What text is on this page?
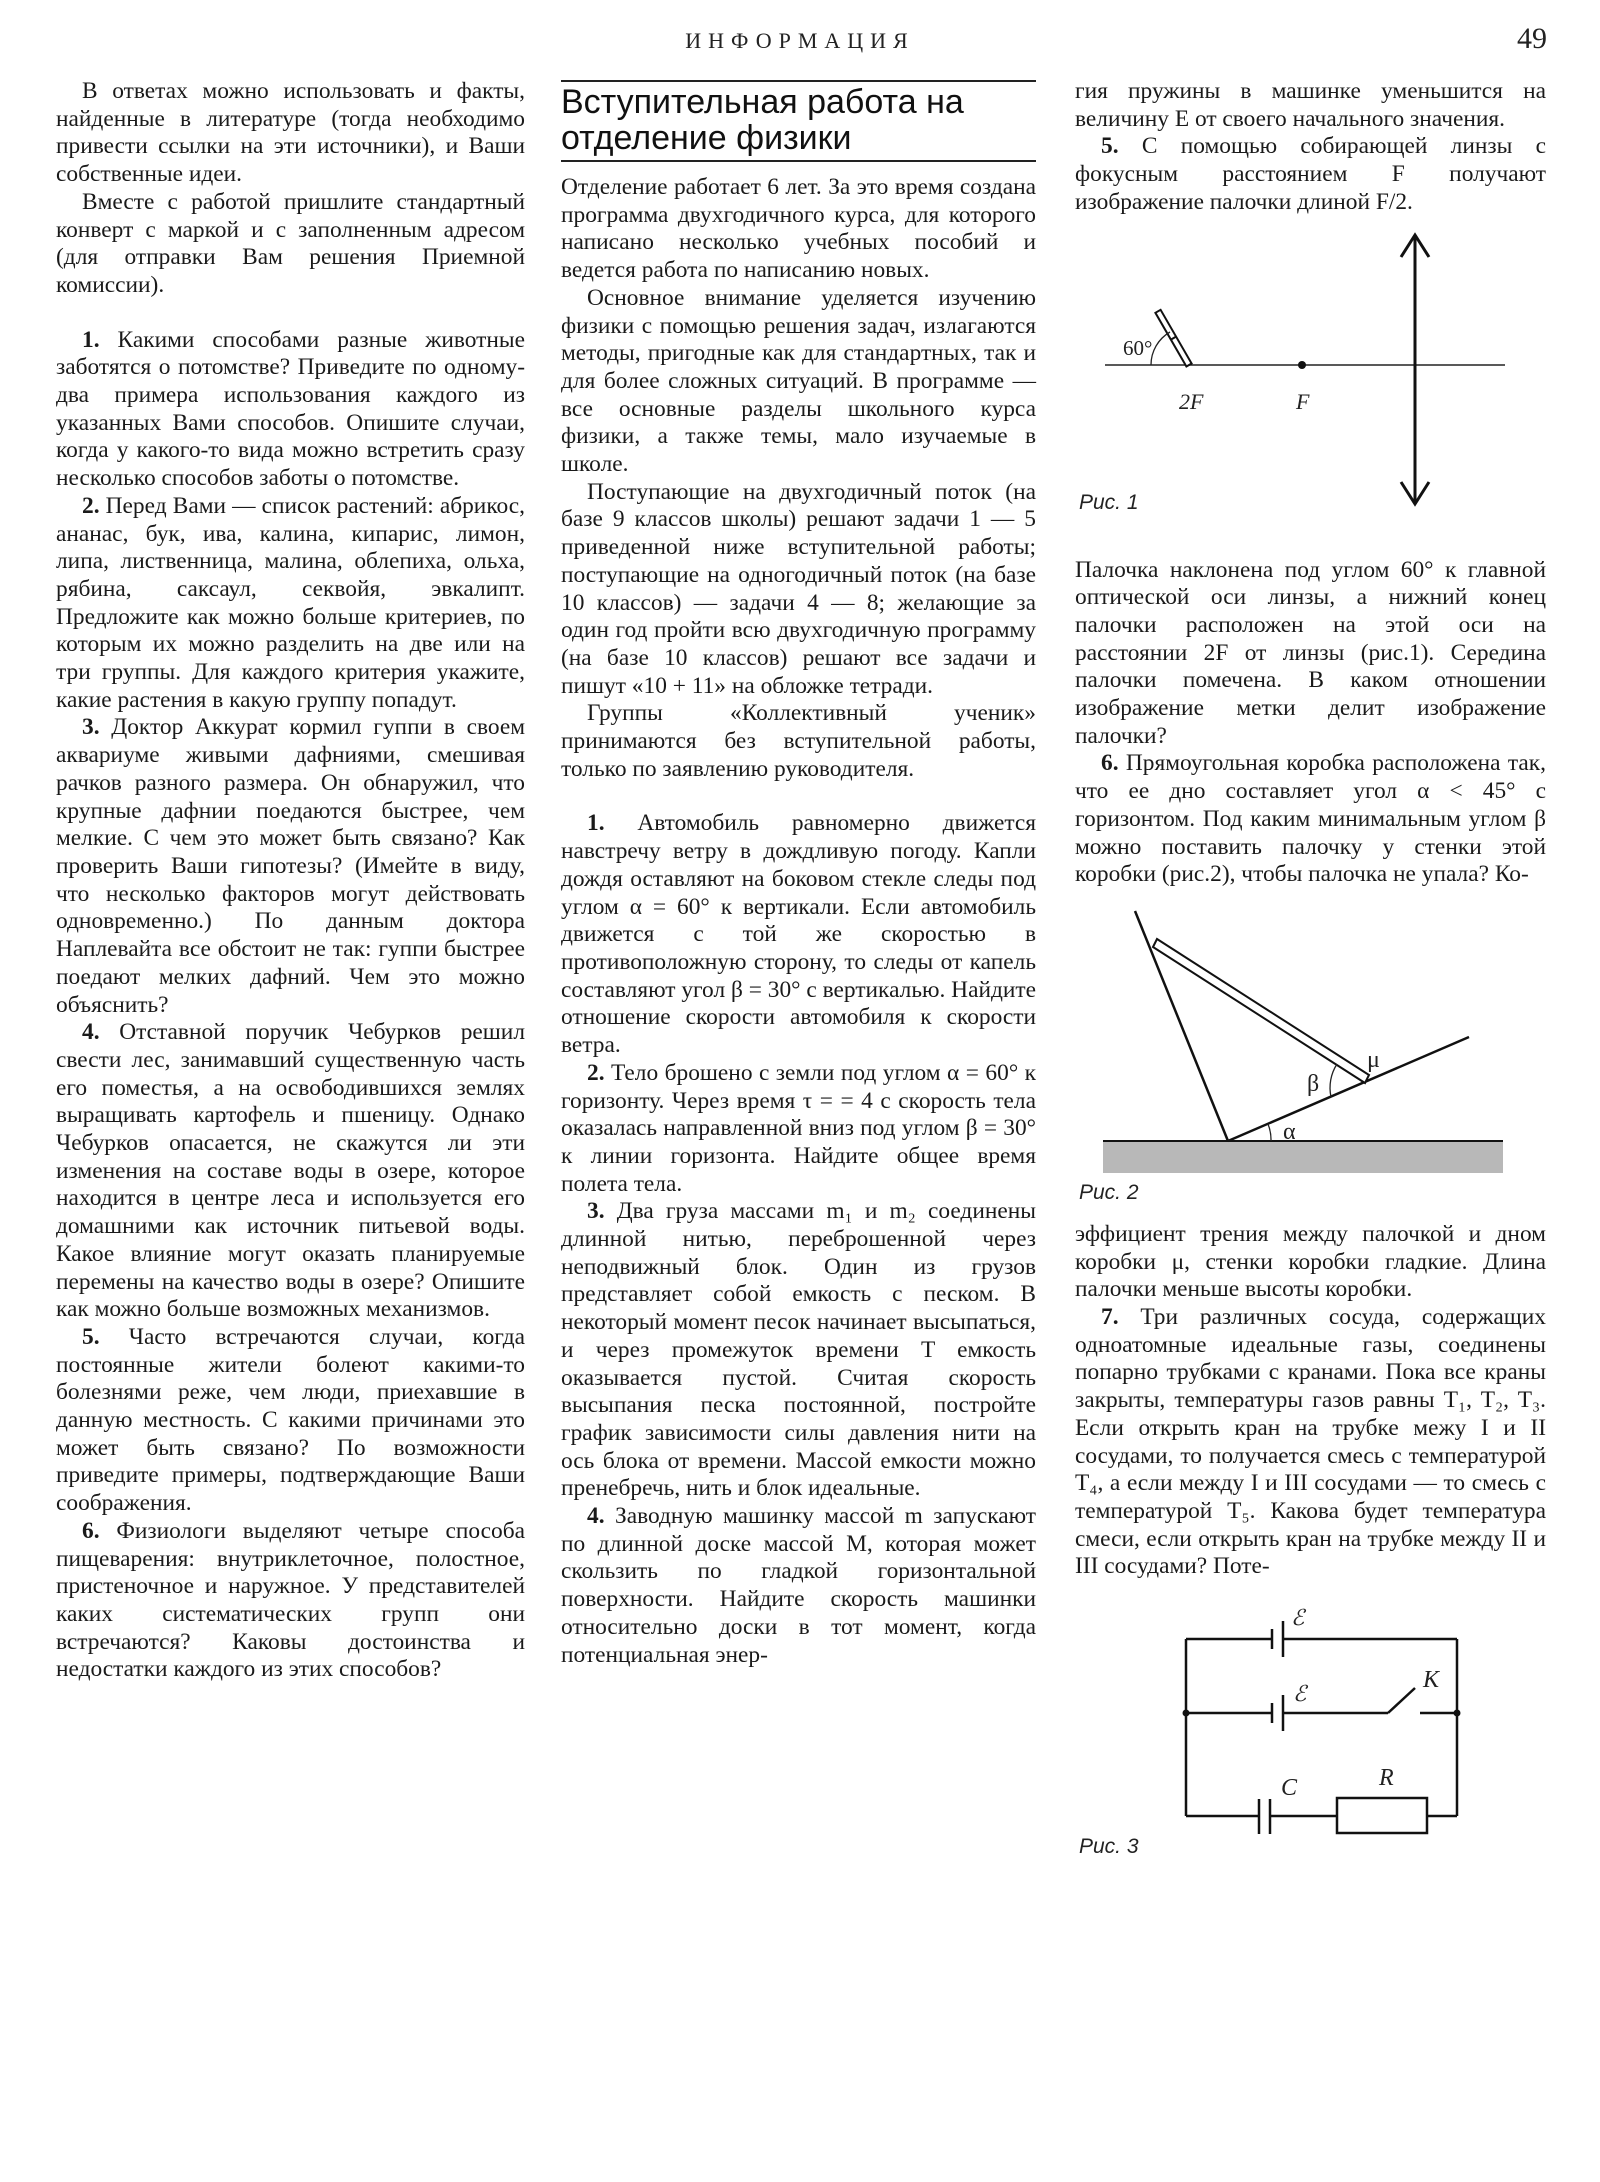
ИНФОРМАЦИЯ	49

В ответах можно использовать и факты, найденные в литературе (тогда необходимо привести ссылки на эти источники), и Ваши собственные идеи.

Вместе с работой пришлите стандартный конверт с маркой и с заполненным адресом (для отправки Вам решения Приемной комиссии).

1. Какими способами разные животные заботятся о потомстве? Приведите по одному-два примера использования каждого из указанных Вами способов. Опишите случаи, когда у какого-то вида можно встретить сразу несколько способов заботы о потомстве.

2. Перед Вами — список растений: абрикос, ананас, бук, ива, калина, кипарис, лимон, липа, лиственница, малина, облепиха, ольха, рябина, саксаул, секвойя, эвкалипт. Предложите как можно больше критериев, по которым их можно разделить на две или на три группы. Для каждого критерия укажите, какие растения в какую группу попадут.

3. Доктор Аккурат кормил гуппи в своем аквариуме живыми дафниями, смешивая рачков разного размера. Он обнаружил, что крупные дафнии поедаются быстрее, чем мелкие. С чем это может быть связано? Как проверить Ваши гипотезы? (Имейте в виду, что несколько факторов могут действовать одновременно.) По данным доктора Наплевайта все обстоит не так: гуппи быстрее поедают мелких дафний. Чем это можно объяснить?

4. Отставной поручик Чебурков решил свести лес, занимавший существенную часть его поместья, а на освободившихся землях выращивать картофель и пшеницу. Однако Чебурков опасается, не скажутся ли эти изменения на составе воды в озере, которое находится в центре леса и используется его домашними как источник питьевой воды. Какое влияние могут оказать планируемые перемены на качество воды в озере? Опишите как можно больше возможных механизмов.

5. Часто встречаются случаи, когда постоянные жители болеют какими-то болезнями реже, чем люди, приехавшие в данную местность. С какими причинами это может быть связано? По возможности приведите примеры, подтверждающие Ваши соображения.

6. Физиологи выделяют четыре способа пищеварения: внутриклеточное, полостное, пристеночное и наружное. У представителей каких систематических групп они встречаются? Каковы достоинства и недостатки каждого из этих способов?

Вступительная работа на
отделение физики

Отделение работает 6 лет. За это время создана программа двухгодичного курса, для которого написано несколько учебных пособий и ведется работа по написанию новых.

Основное внимание уделяется изучению физики с помощью решения задач, излагаются методы, пригодные как для стандартных, так и для более сложных ситуаций. В программе — все основные разделы школьного курса физики, а также темы, мало изучаемые в школе.

Поступающие на двухгодичный поток (на базе 9 классов школы) решают задачи 1 — 5 приведенной ниже вступительной работы; поступающие на одногодичный поток (на базе 10 классов) — задачи 4 — 8; желающие за один год пройти всю двухгодичную программу (на базе 10 классов) решают все задачи и пишут «10 + 11» на обложке тетради.

Группы «Коллективный ученик» принимаются без вступительной работы, только по заявлению руководителя.

1. Автомобиль равномерно движется навстречу ветру в дождливую погоду. Капли дождя оставляют на боковом стекле следы под углом α = 60° к вертикали. Если автомобиль движется с той же скоростью в противоположную сторону, то следы от капель составляют угол β = 30° с вертикалью. Найдите отношение скорости автомобиля к скорости ветра.

2. Тело брошено с земли под углом α = 60° к горизонту. Через время τ = = 4 с скорость тела оказалась направленной вниз под углом β = 30° к линии горизонта. Найдите общее время полета тела.

3. Два груза массами m₁ и m₂ соединены длинной нитью, переброшенной через неподвижный блок. Один из грузов представляет собой емкость с песком. В некоторый момент песок начинает высыпаться, и через промежуток времени T емкость оказывается пустой. Считая скорость высыпания песка постоянной, постройте график зависимости силы давления нити на ось блока от времени. Массой емкости можно пренебречь, нить и блок идеальные.

4. Заводную машинку массой m запускают по длинной доске массой M, которая может скользить по гладкой горизонтальной поверхности. Найдите скорость машинки относительно доски в тот момент, когда потенциальная энер-

гия пружины в машинке уменьшится на величину E от своего начального значения.

5. С помощью собирающей линзы с фокусным расстоянием F получают изображение палочки длиной F/2.

60°
2F	F
Рис. 1

Палочка наклонена под углом 60° к главной оптической оси линзы, а нижний конец палочки расположен на этой оси на расстоянии 2F от линзы (рис.1). Середина палочки помечена. В каком отношении изображение метки делит изображение палочки?

6. Прямоугольная коробка расположена так, что ее дно составляет угол α < 45° с горизонтом. Под каким минимальным углом β можно поставить палочку у стенки этой коробки (рис.2), чтобы палочка не упала? Ко-

α
β
μ
Рис. 2

эффициент трения между палочкой и дном коробки μ, стенки коробки гладкие. Длина палочки меньше высоты коробки.

7. Три различных сосуда, содержащих одноатомные идеальные газы, соединены попарно трубками с кранами. Пока все краны закрыты, температуры газов равны T₁, T₂, T₃. Если открыть кран на трубке межу I и II сосудами, то получается смесь с температурой T₄, а если между I и III сосудами — то смесь с температурой T₅. Какова будет температура смеси, если открыть кран на трубке между II и III сосудами? Поте-

ℰ
ℰ
K
C	R
Рис. 3
